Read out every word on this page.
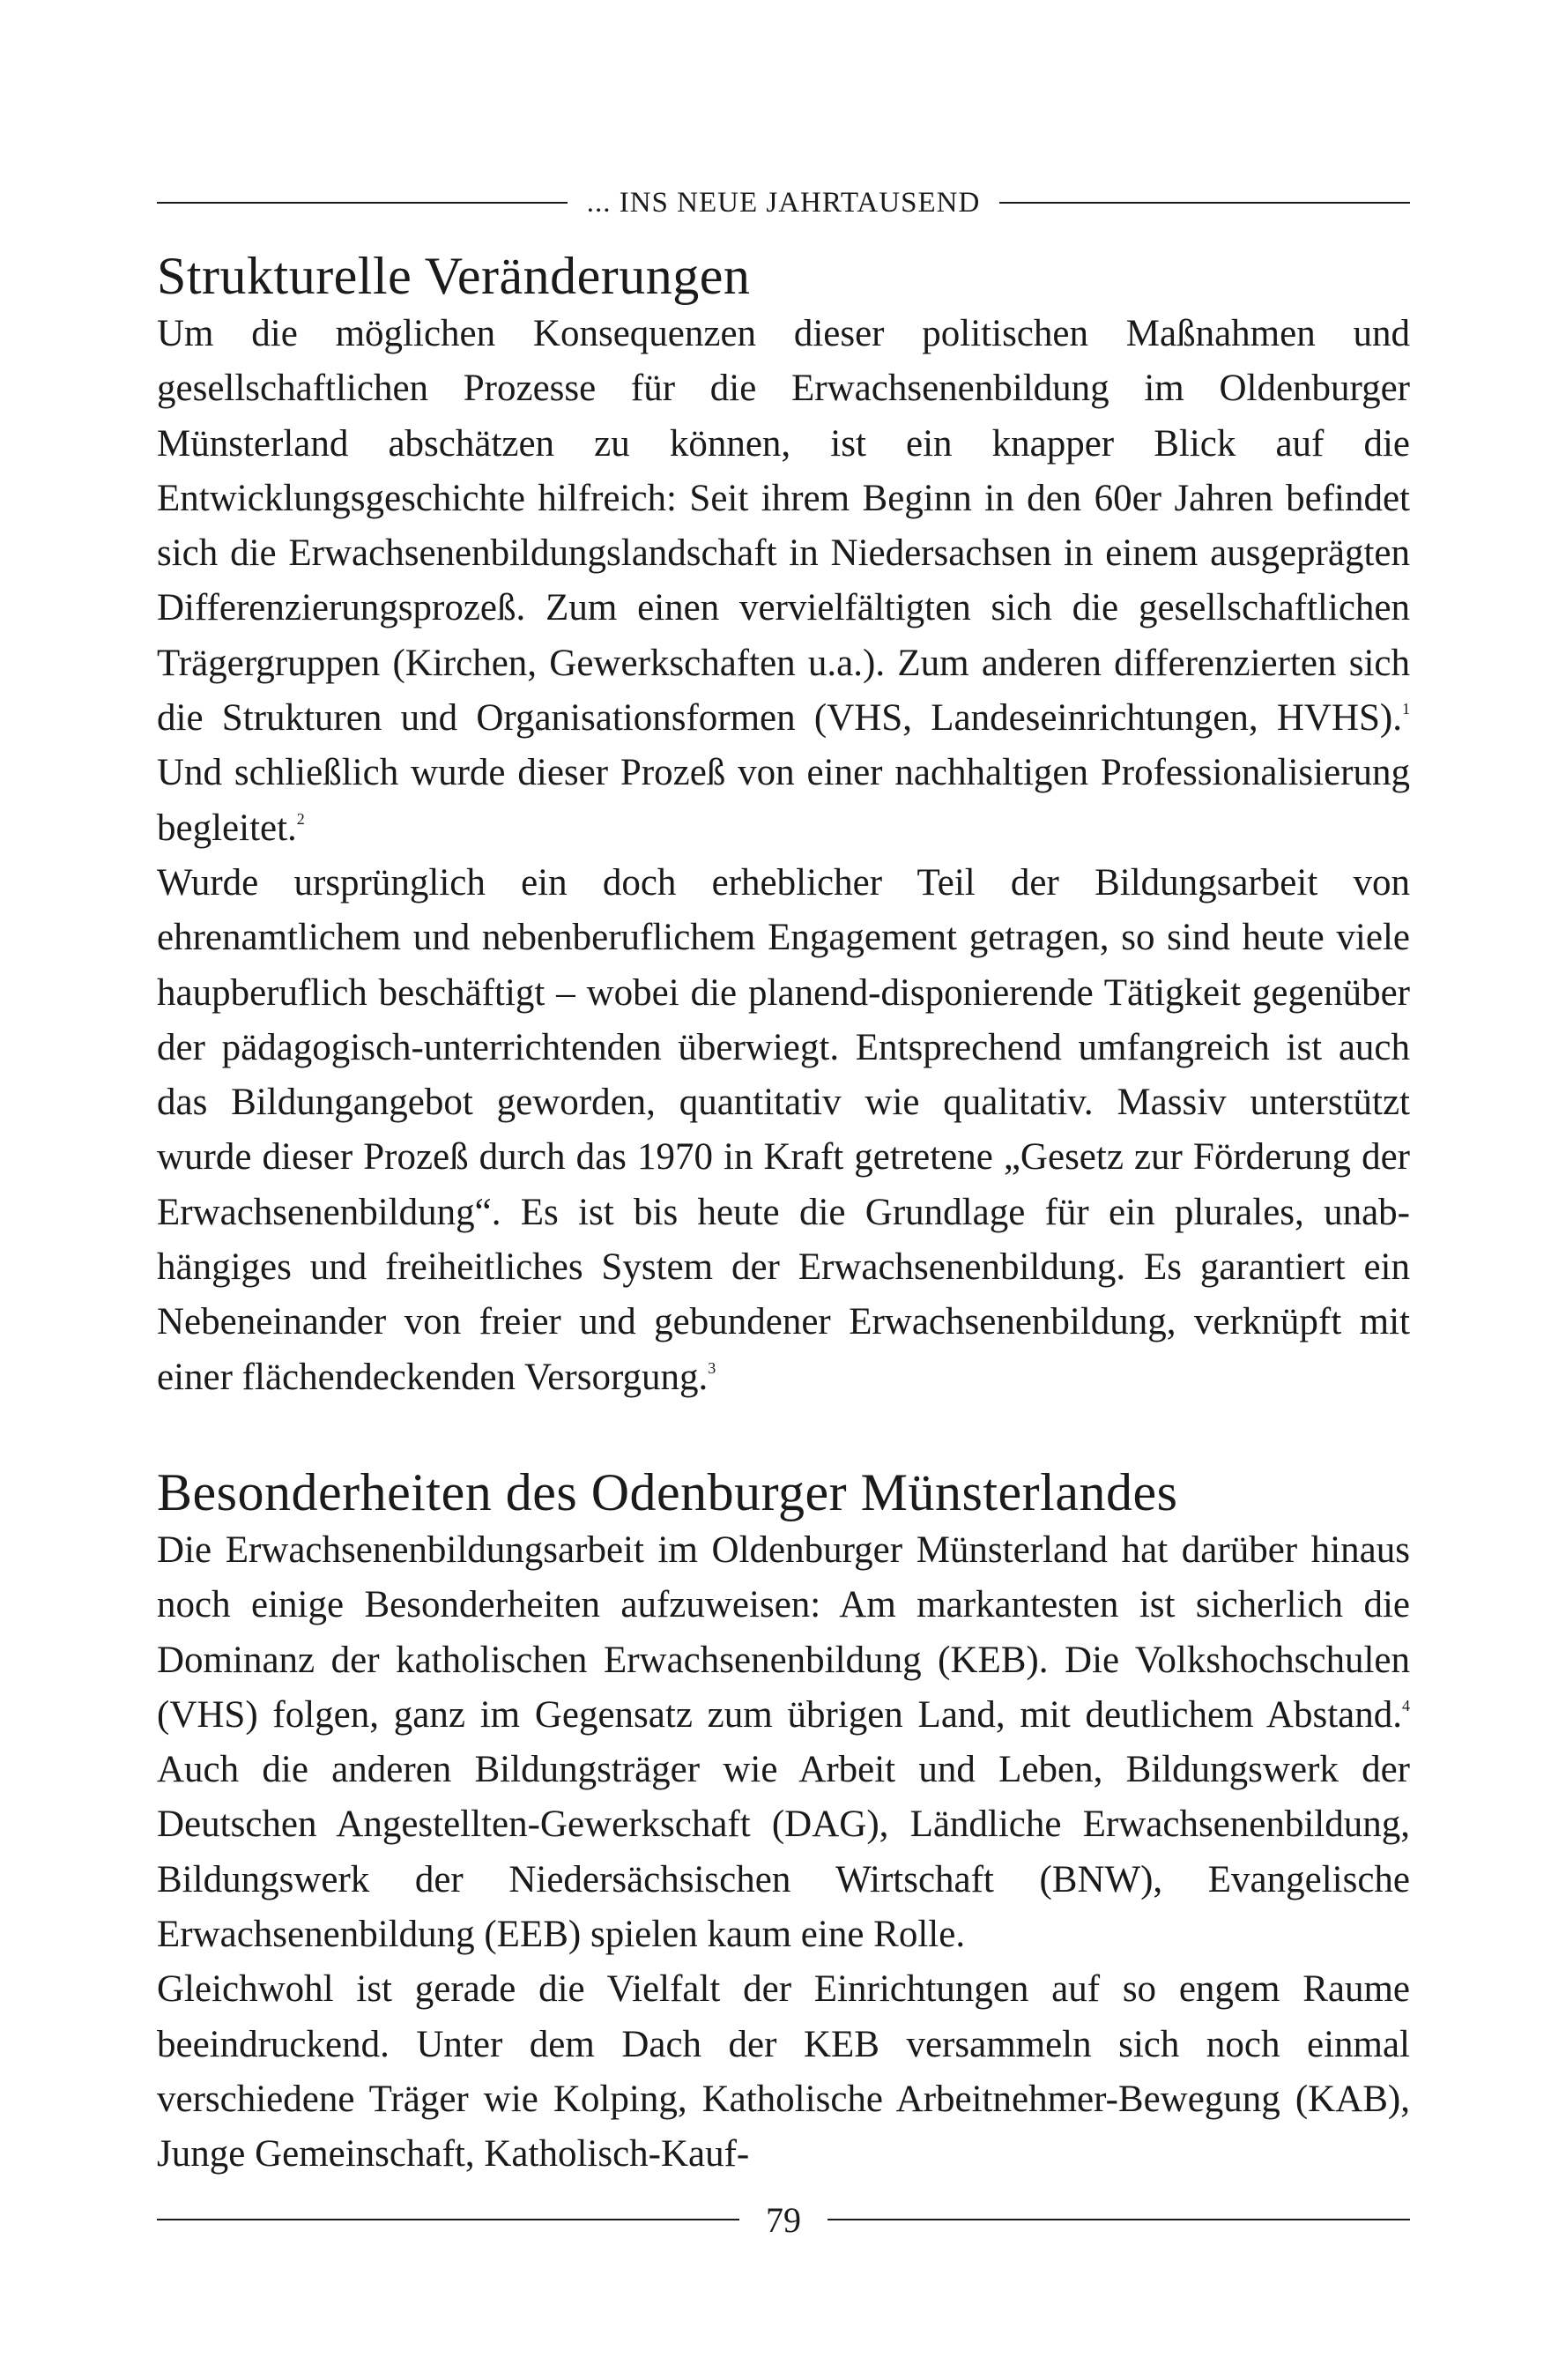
... INS NEUE JAHRTAUSEND
Strukturelle Veränderungen

Um die möglichen Konsequenzen dieser politischen Maßnahmen und gesellschaftlichen Prozesse für die Erwachsenenbildung im Oldenburger Münsterland abschätzen zu können, ist ein knapper Blick auf die Entwicklungsgeschichte hilfreich: Seit ihrem Beginn in den 60er Jahren befindet sich die Erwachsenenbildungslandschaft in Niedersachsen in einem ausgeprägten Differenzierungsprozeß. Zum einen vervielfältigten sich die gesellschaftlichen Trägergruppen (Kirchen, Gewerkschaften u.a.). Zum anderen differenzierten sich die Strukturen und Organisationsformen (VHS, Landeseinrichtungen, HVHS).$^1$ Und schließlich wurde dieser Prozeß von einer nachhaltigen Professionalisierung begleitet.$^2$

Wurde ursprünglich ein doch erheblicher Teil der Bildungsarbeit von ehrenamtlichem und nebenberuflichem Engagement getragen, so sind heute viele haupberuflich beschäftigt – wobei die planend-disponierende Tätigkeit gegenüber der pädagogisch-unterrichtenden überwiegt. Entsprechend umfangreich ist auch das Bildungangebot geworden, quantitativ wie qualitativ. Massiv unterstützt wurde dieser Prozeß durch das 1970 in Kraft getretene „Gesetz zur Förderung der Erwachsenenbildung“. Es ist bis heute die Grundlage für ein plurales, unabhängiges und freiheitliches System der Erwachsenenbildung. Es garantiert ein Nebeneinander von freier und gebundener Erwachsenenbildung, verknüpft mit einer flächendeckenden Versorgung.$^3$

Besonderheiten des Odenburger Münsterlandes

Die Erwachsenenbildungsarbeit im Oldenburger Münsterland hat darüber hinaus noch einige Besonderheiten aufzuweisen: Am markantesten ist sicherlich die Dominanz der katholischen Erwachsenenbildung (KEB). Die Volkshochschulen (VHS) folgen, ganz im Gegensatz zum übrigen Land, mit deutlichem Abstand.$^4$ Auch die anderen Bildungsträger wie Arbeit und Leben, Bildungswerk der Deutschen Angestellten-Gewerkschaft (DAG), Ländliche Erwachsenenbildung, Bildungswerk der Niedersächsischen Wirtschaft (BNW), Evangelische Erwachsenenbildung (EEB) spielen kaum eine Rolle.

Gleichwohl ist gerade die Vielfalt der Einrichtungen auf so engem Raume beeindruckend. Unter dem Dach der KEB versammeln sich noch einmal verschiedene Träger wie Kolping, Katholische Arbeitnehmer-Bewegung (KAB), Junge Gemeinschaft, Katholisch-Kauf-

79
